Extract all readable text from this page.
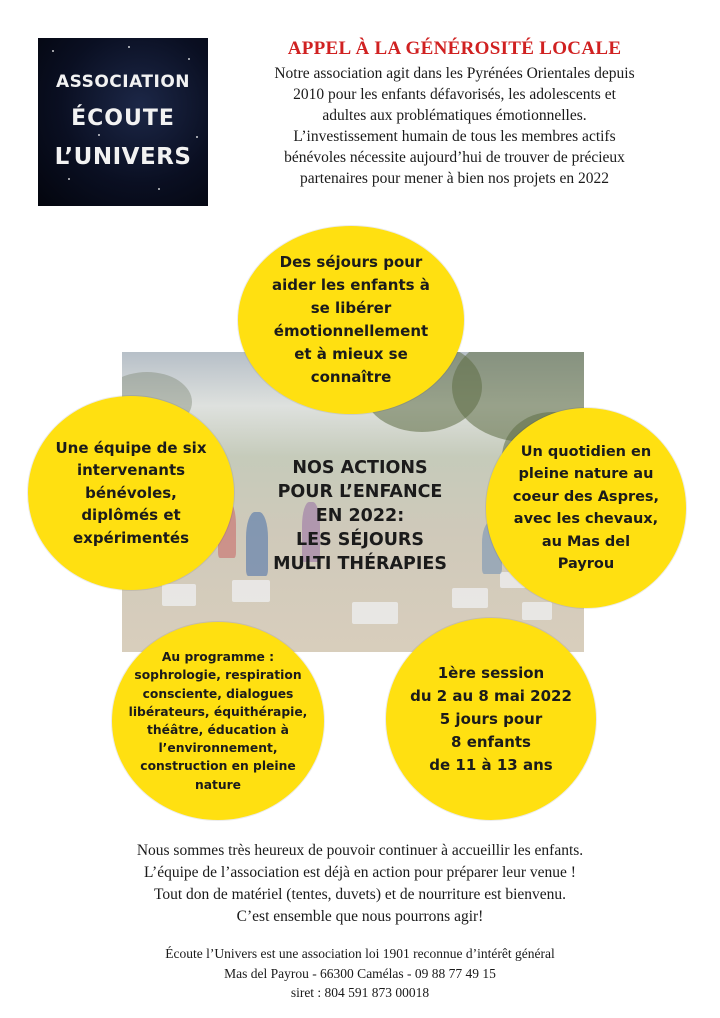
ASSOCIATION
ÉCOUTE
L’UNIVERS
APPEL À LA GÉNÉROSITÉ LOCALE
Notre association agit dans les Pyrénées Orientales depuis
2010 pour les enfants défavorisés, les adolescents et
adultes aux problématiques émotionnelles.
L’investissement humain de tous les membres actifs
bénévoles nécessite aujourd’hui de trouver de précieux
partenaires pour mener à bien nos projets en 2022
NOS ACTIONS
POUR L’ENFANCE
EN 2022:
LES SÉJOURS
MULTI THÉRAPIES
Des séjours pour
aider les enfants à
se libérer
émotionnellement
et à mieux se
connaître
Une équipe de six
intervenants
bénévoles,
diplômés et
expérimentés
Un quotidien en
pleine nature au
coeur des Aspres,
avec les chevaux,
au Mas del
Payrou
Au programme :
sophrologie, respiration
consciente, dialogues
libérateurs, équithérapie,
théâtre, éducation à
l’environnement,
construction en pleine
nature
1ère session
du 2 au 8 mai 2022
5 jours pour
8 enfants
de 11 à 13 ans
Nous sommes très heureux de pouvoir continuer à accueillir les enfants.
L’équipe de l’association est déjà en action pour préparer leur venue !
Tout don de matériel (tentes, duvets) et de nourriture est bienvenu.
C’est ensemble que nous pourrons agir!
Écoute l’Univers est une association loi 1901 reconnue d’intérêt général
Mas del Payrou - 66300 Camélas - 09 88 77 49 15
siret : 804 591 873 00018
